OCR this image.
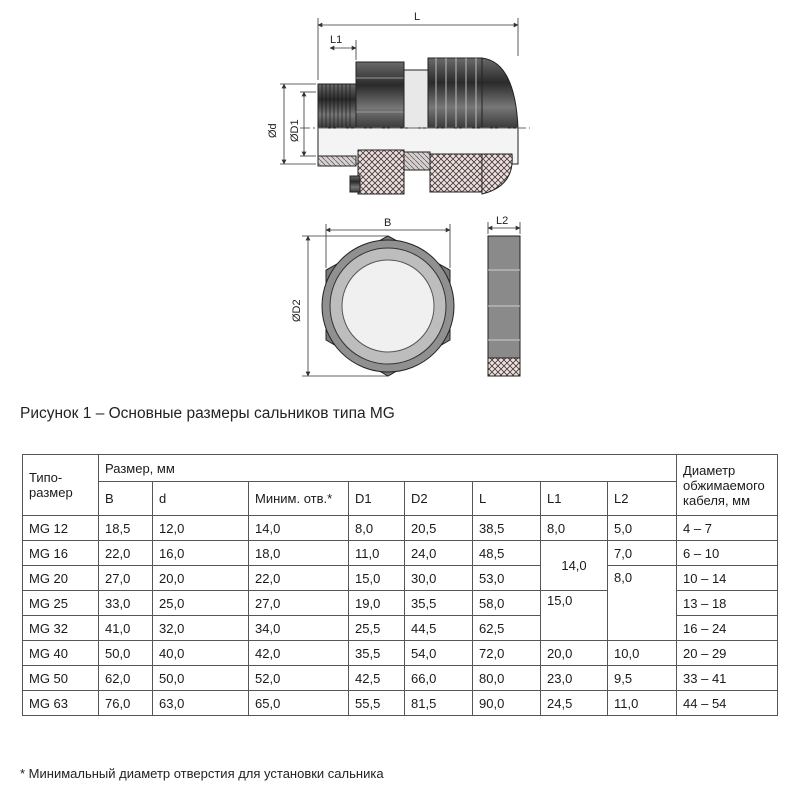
L
L1
Ød ØD1
B
ØD2
L2
Рисунок 1 – Основные размеры сальников типа MG
Типо-размер	Размер, мм								Диаметр обжимаемого кабеля, мм
	B	d	Миним. отв.*	D1	D2	L	L1	L2	
MG 12	18,5	12,0	14,0	8,0	20,5	38,5	8,0	5,0	4 – 7
MG 16	22,0	16,0	18,0	11,0	24,0	48,5	14,0	7,0	6 – 10
MG 20	27,0	20,0	22,0	15,0	30,0	53,0		8,0	10 – 14
MG 25	33,0	25,0	27,0	19,0	35,5	58,0	15,0		13 – 18
MG 32	41,0	32,0	34,0	25,5	44,5	62,5			16 – 24
MG 40	50,0	40,0	42,0	35,5	54,0	72,0	20,0	10,0	20 – 29
MG 50	62,0	50,0	52,0	42,5	66,0	80,0	23,0	9,5	33 – 41
MG 63	76,0	63,0	65,0	55,5	81,5	90,0	24,5	11,0	44 – 54
* Минимальный диаметр отверстия для установки сальника
